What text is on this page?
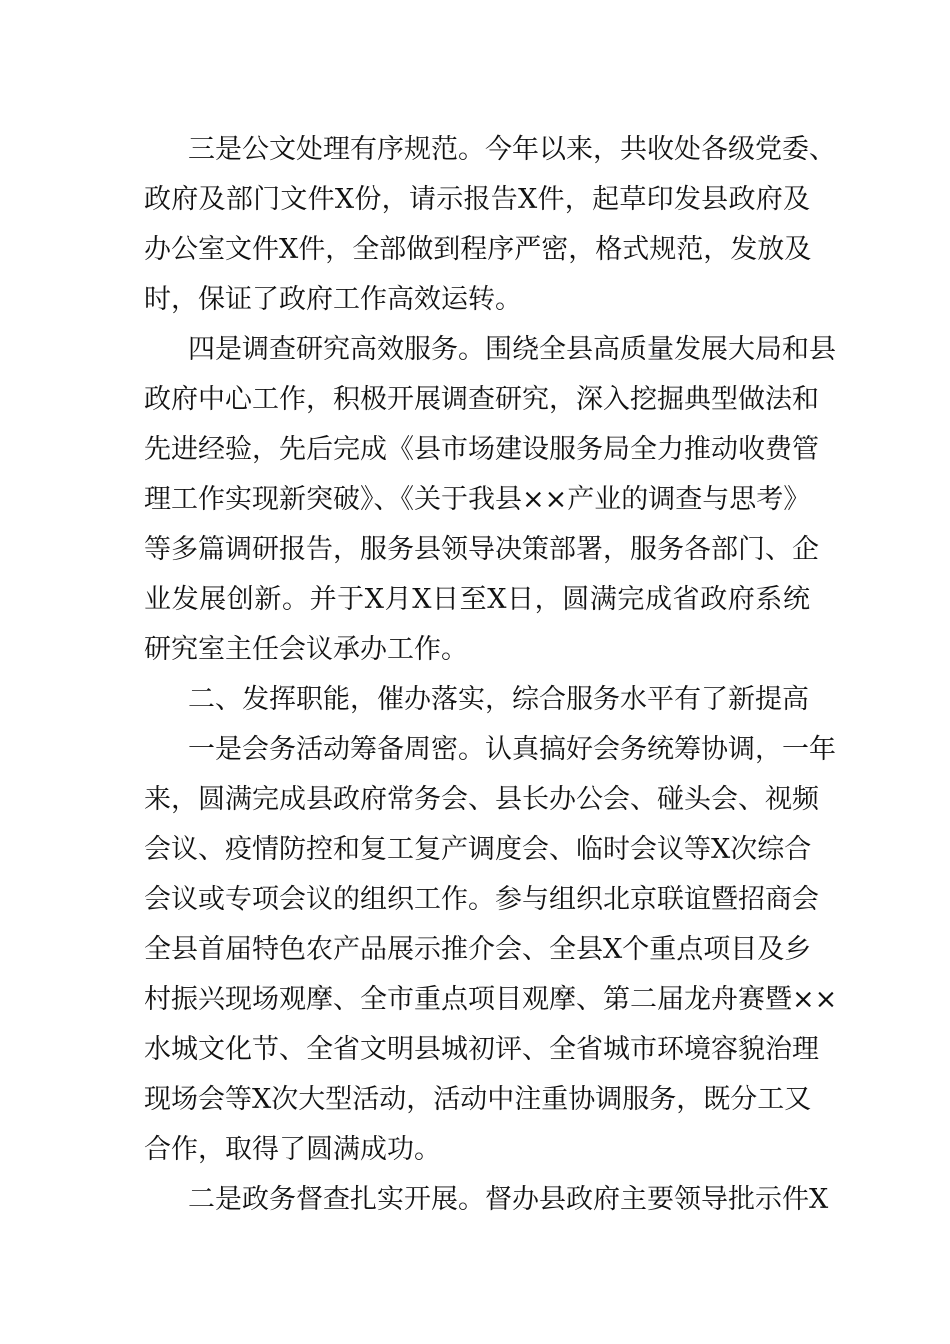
三是公文处理有序规范。今年以来，共收处各级党委、

政府及部门文件X份，请示报告X件，起草印发县政府及

办公室文件X件，全部做到程序严密，格式规范，发放及

时，保证了政府工作高效运转。

四是调查研究高效服务。围绕全县高质量发展大局和县

政府中心工作，积极开展调查研究，深入挖掘典型做法和

先进经验，先后完成《县市场建设服务局全力推动收费管

理工作实现新突破》、《关于我县××产业的调查与思考》

等多篇调研报告，服务县领导决策部署，服务各部门、企

业发展创新。并于X月X日至X日，圆满完成省政府系统

研究室主任会议承办工作。

二、发挥职能，催办落实，综合服务水平有了新提高

一是会务活动筹备周密。认真搞好会务统筹协调，一年

来，圆满完成县政府常务会、县长办公会、碰头会、视频

会议、疫情防控和复工复产调度会、临时会议等X次综合

会议或专项会议的组织工作。参与组织北京联谊暨招商会

全县首届特色农产品展示推介会、全县X个重点项目及乡

村振兴现场观摩、全市重点项目观摩、第二届龙舟赛暨××

水城文化节、全省文明县城初评、全省城市环境容貌治理

现场会等X次大型活动，活动中注重协调服务，既分工又

合作，取得了圆满成功。

二是政务督查扎实开展。督办县政府主要领导批示件X
